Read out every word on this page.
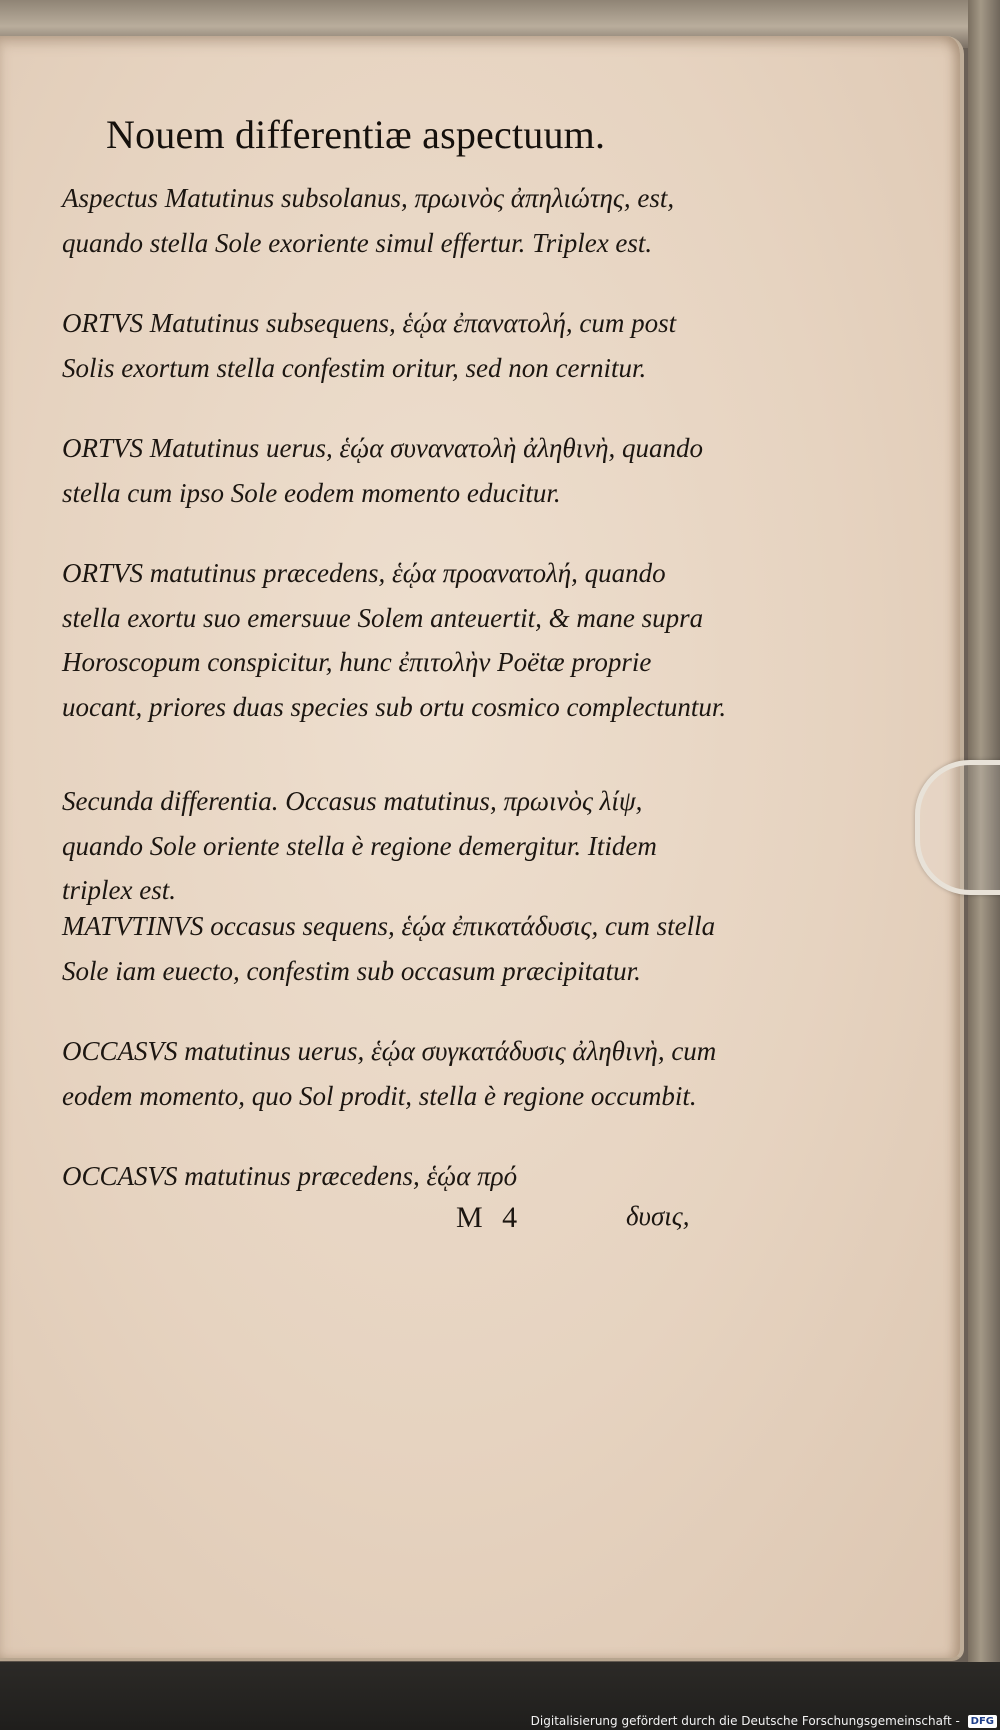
Nouem differentiæ aspectuum.
Aspectus Matutinus subsolanus, πρωινὸς ἀπηλιώτης, est, quando stella Sole exoriente simul effertur. Triplex est.
ORTVS Matutinus subsequens, ἑῴα ἐπανατολή, cum post Solis exortum stella confestim oritur, sed non cernitur.
ORTVS Matutinus uerus, ἑῴα συνανατολὴ ἀληθινὴ, quando stella cum ipso Sole eodem momento educitur.
ORTVS matutinus præcedens, ἑῴα προανατολή, quando stella exortu suo emersuue Solem anteuertit, & mane supra Horoscopum conspicitur, hunc ἐπιτολὴν Poëtæ proprie uocant, priores duas species sub ortu cosmico complectuntur.
Secunda differentia. Occasus matutinus, πρωινὸς λίψ, quando Sole oriente stella è regione demergitur. Itidem triplex est.
MATVTINVS occasus sequens, ἑῴα ἐπικατάδυσις, cum stella Sole iam euecto, confestim sub occasum præcipitatur.
OCCASVS matutinus uerus, ἑῴα συγκατάδυσις ἀληθινὴ, cum eodem momento, quo Sol prodit, stella è regione occumbit.
OCCASVS matutinus præcedens, ἑῴα πρό
M 4	δυσις,
Digitalisierung gefördert durch die Deutsche Forschungsgemeinschaft - DFG
